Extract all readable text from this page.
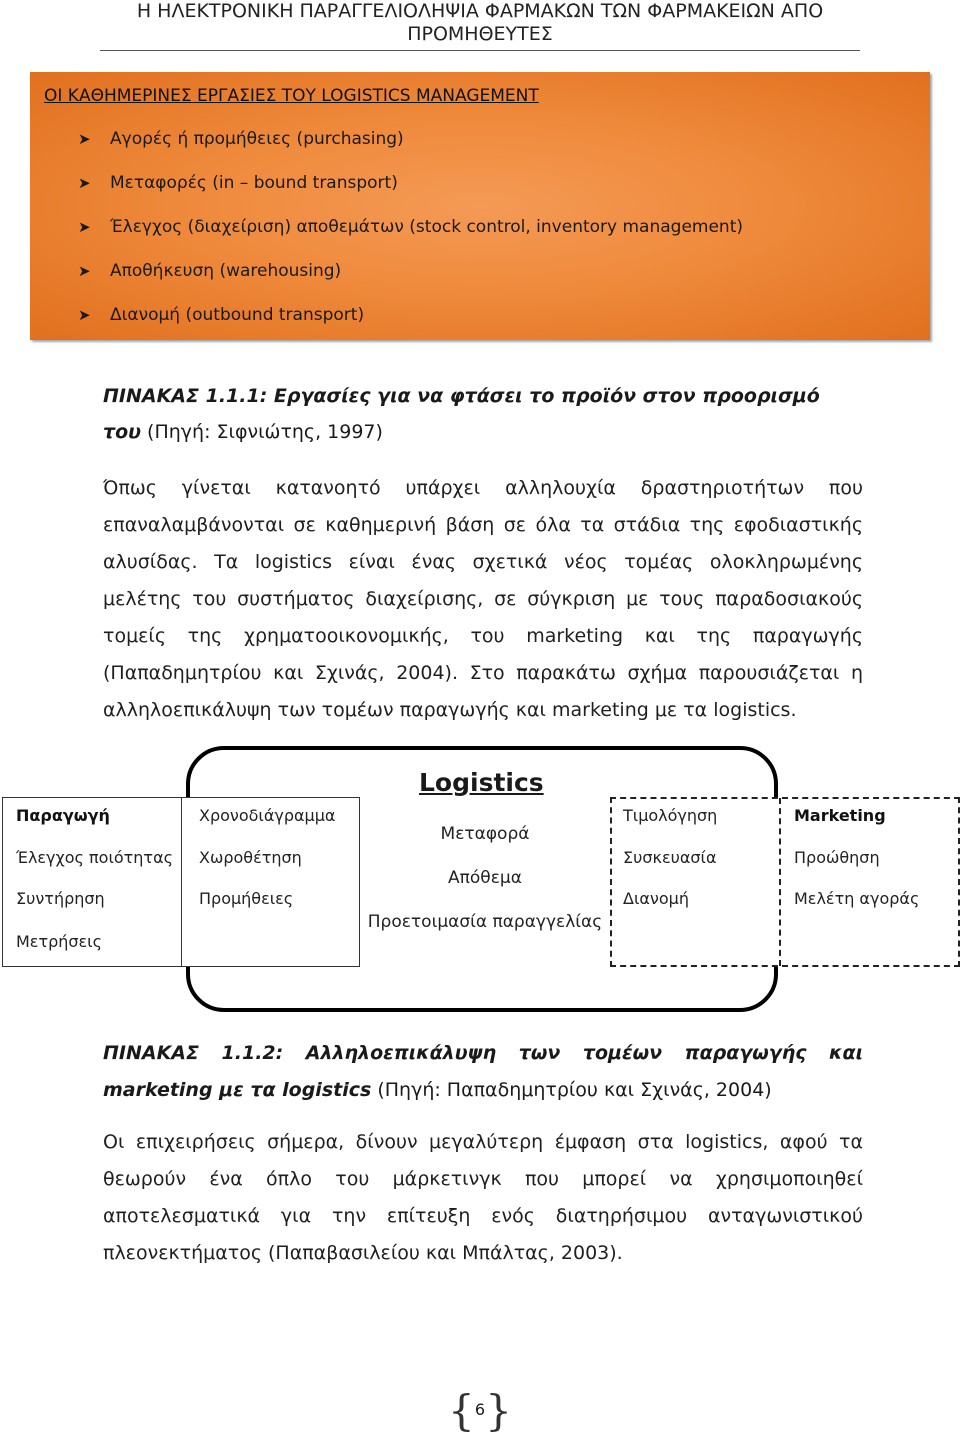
Η ΗΛΕΚΤΡΟΝΙΚΗ ΠΑΡΑΓΓΕΛΙΟΛΗΨΙΑ ΦΑΡΜΑΚΩΝ ΤΩΝ ΦΑΡΜΑΚΕΙΩΝ ΑΠΟ
ΠΡΟΜΗΘΕΥΤΕΣ
ΟΙ ΚΑΘΗΜΕΡΙΝΕΣ ΕΡΓΑΣΙΕΣ ΤΟΥ LOGISTICS MANAGEMENT
➤	Αγορές ή προμήθειες (purchasing)
➤	Μεταφορές (in – bound transport)
➤	Έλεγχος (διαχείριση) αποθεμάτων (stock control, inventory management)
➤	Αποθήκευση (warehousing)
➤	Διανομή (outbound transport)
ΠΙΝΑΚΑΣ 1.1.1: Εργασίες για να φτάσει το προϊόν στον προορισμό του (Πηγή: Σιφνιώτης, 1997)
Όπως γίνεται κατανοητό υπάρχει αλληλουχία δραστηριοτήτων που επαναλαμβάνονται σε καθημερινή βάση σε όλα τα στάδια της εφοδιαστικής αλυσίδας. Τα logistics είναι ένας σχετικά νέος τομέας ολοκληρωμένης μελέτης του συστήματος διαχείρισης, σε σύγκριση με τους παραδοσιακούς τομείς της χρηματοοικονομικής, του marketing και της παραγωγής (Παπαδημητρίου και Σχινάς, 2004). Στο παρακάτω σχήμα παρουσιάζεται η αλληλοεπικάλυψη των τομέων παραγωγής και marketing με τα logistics.
Logistics
Παραγωγή
Έλεγχος ποιότητας
Συντήρηση
Μετρήσεις
Χρονοδιάγραμμα
Χωροθέτηση
Προμήθειες
Μεταφορά
Απόθεμα
Προετοιμασία παραγγελίας
Τιμολόγηση
Συσκευασία
Διανομή
Marketing
Προώθηση
Μελέτη αγοράς
ΠΙΝΑΚΑΣ 1.1.2: Αλληλοεπικάλυψη των τομέων παραγωγής και marketing με τα logistics (Πηγή: Παπαδημητρίου και Σχινάς, 2004)
Οι επιχειρήσεις σήμερα, δίνουν μεγαλύτερη έμφαση στα logistics, αφού τα θεωρούν ένα όπλο του μάρκετινγκ που μπορεί να χρησιμοποιηθεί αποτελεσματικά για την επίτευξη ενός διατηρήσιμου ανταγωνιστικού πλεονεκτήματος (Παπαβασιλείου και Μπάλτας, 2003).
{ 6 }
